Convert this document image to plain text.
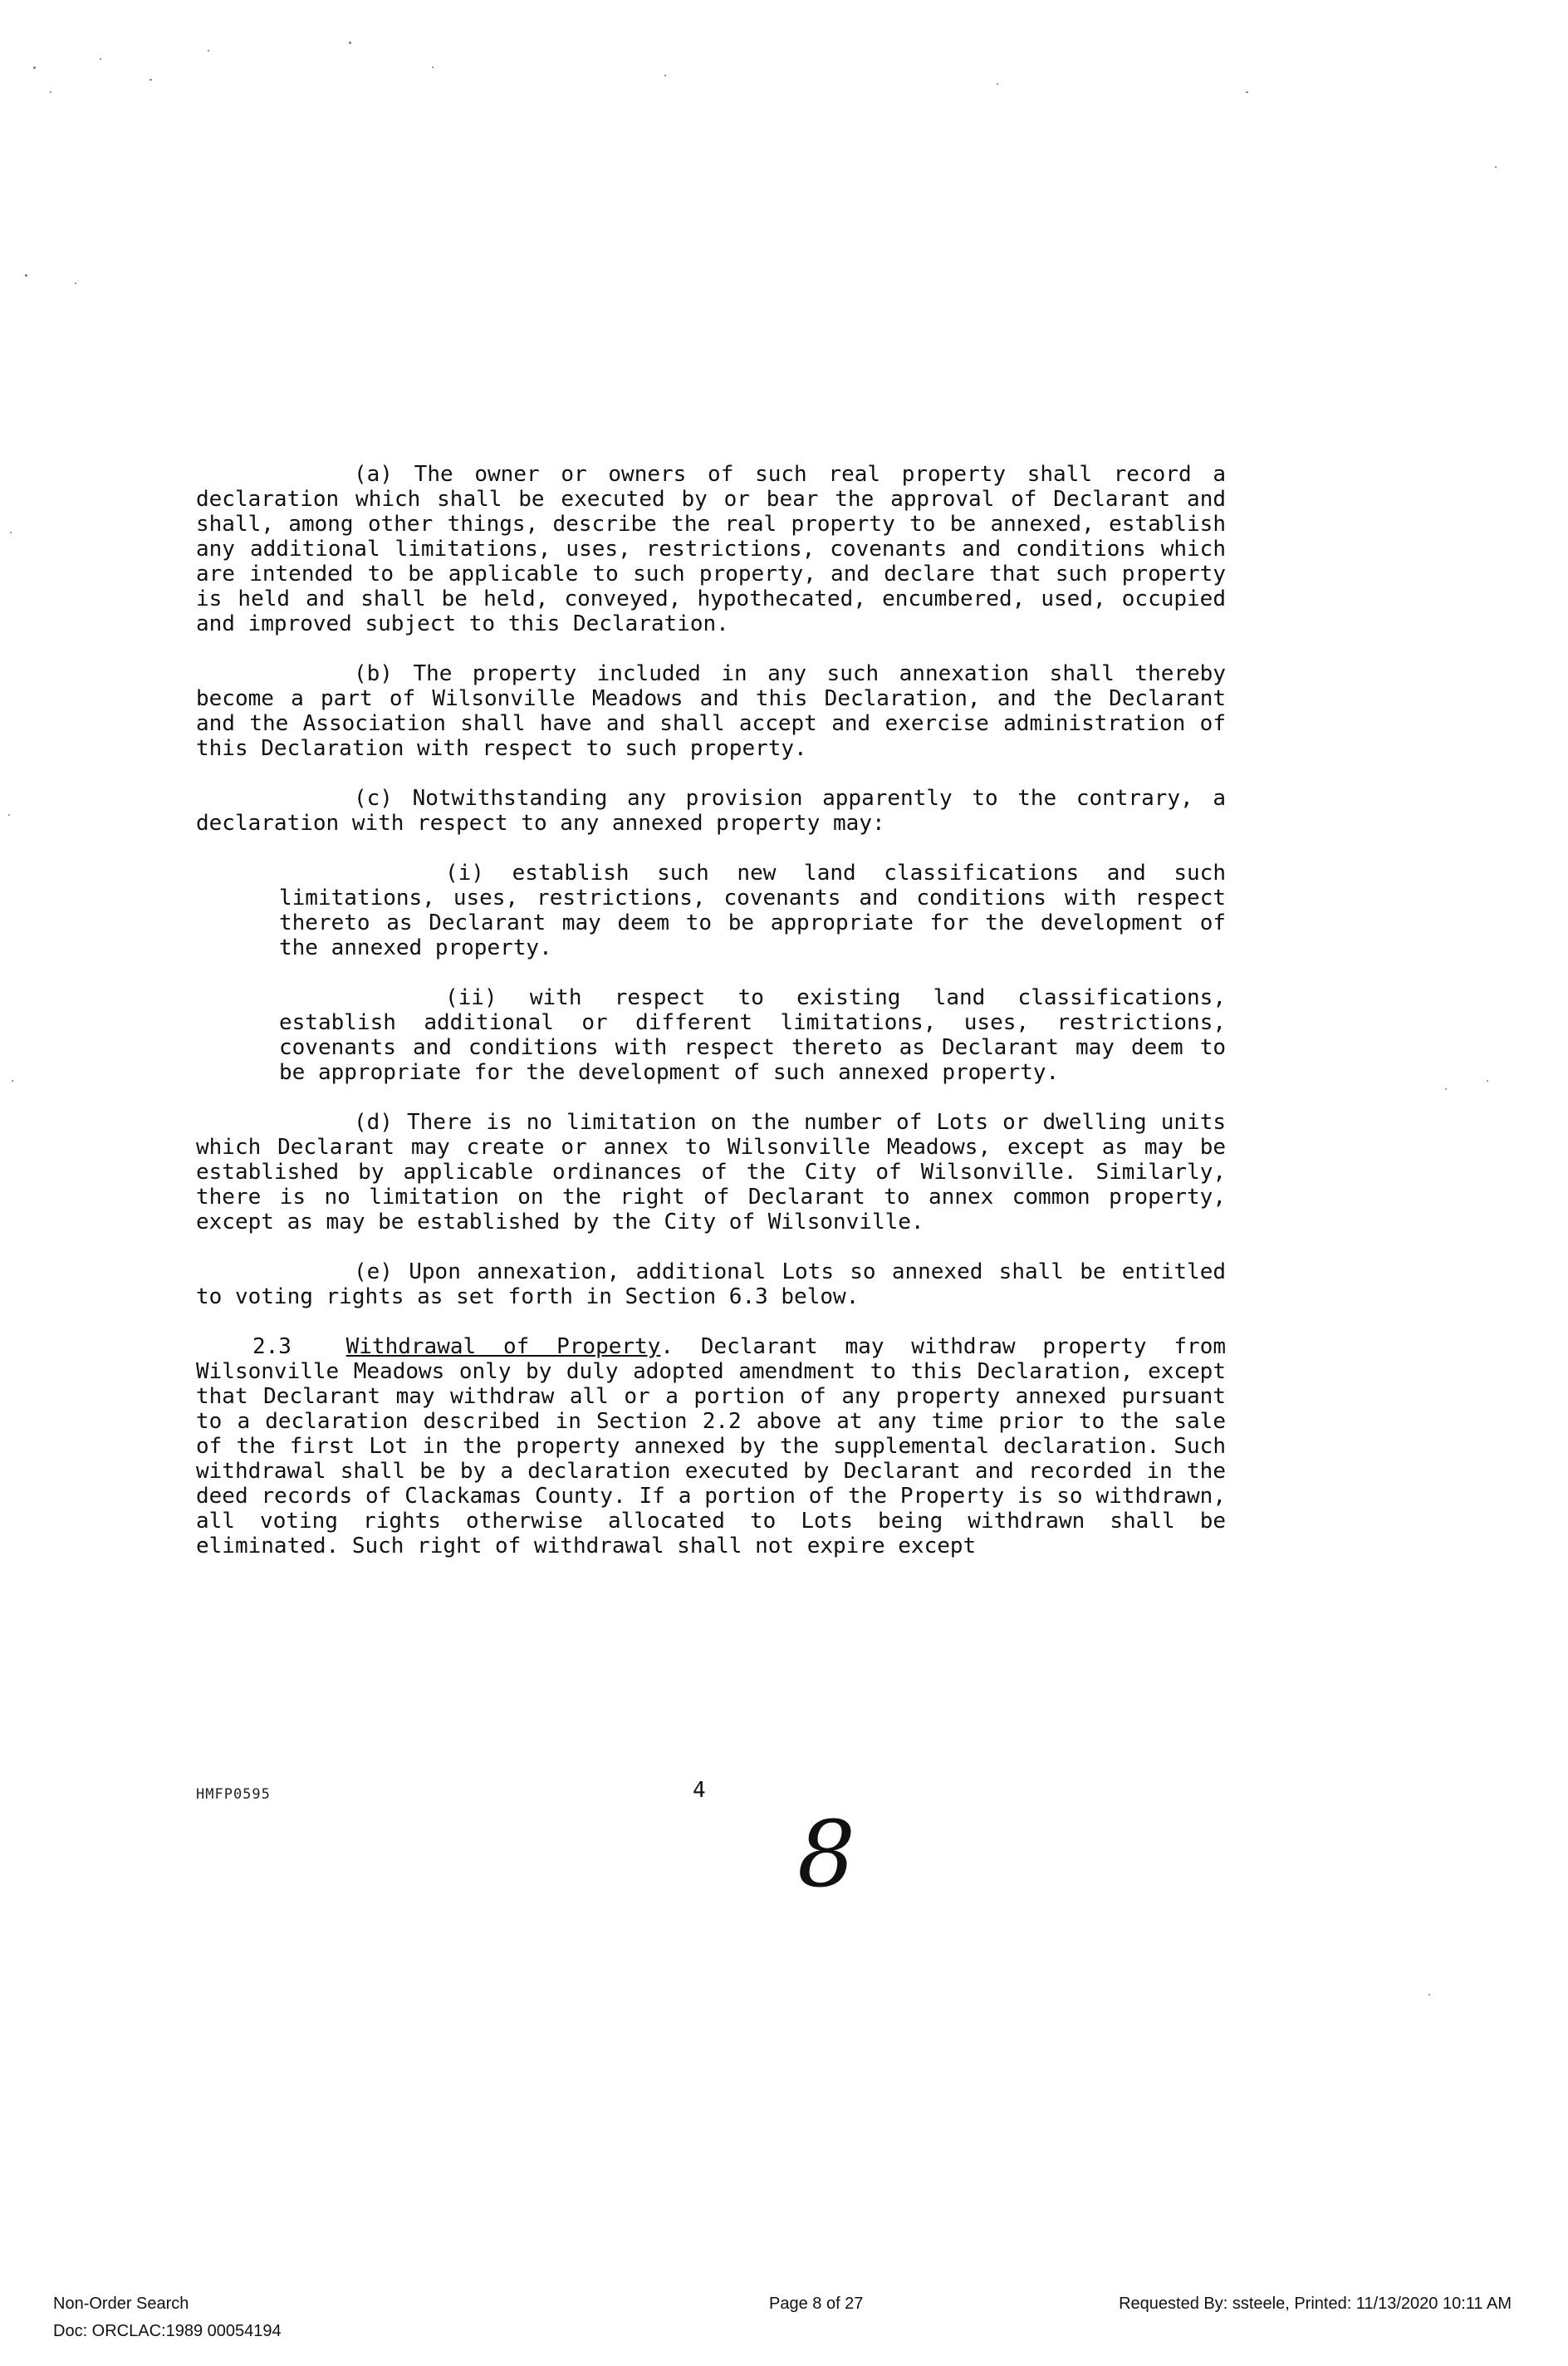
(a) The owner or owners of such real property shall record a declaration which shall be executed by or bear the approval of Declarant and shall, among other things, describe the real property to be annexed, establish any additional limitations, uses, restrictions, covenants and conditions which are intended to be applicable to such property, and declare that such property is held and shall be held, conveyed, hypothecated, encumbered, used, occupied and improved subject to this Declaration.

(b) The property included in any such annexation shall thereby become a part of Wilsonville Meadows and this Declaration, and the Declarant and the Association shall have and shall accept and exercise administration of this Declaration with respect to such property.

(c) Notwithstanding any provision apparently to the contrary, a declaration with respect to any annexed property may:

(i) establish such new land classifications and such limitations, uses, restrictions, covenants and conditions with respect thereto as Declarant may deem to be appropriate for the development of the annexed property.

(ii) with respect to existing land classifications, establish additional or different limitations, uses, restrictions, covenants and conditions with respect thereto as Declarant may deem to be appropriate for the development of such annexed property.

(d) There is no limitation on the number of Lots or dwelling units which Declarant may create or annex to Wilsonville Meadows, except as may be established by applicable ordinances of the City of Wilsonville. Similarly, there is no limitation on the right of Declarant to annex common property, except as may be established by the City of Wilsonville.

(e) Upon annexation, additional Lots so annexed shall be entitled to voting rights as set forth in Section 6.3 below.

2.3	Withdrawal of Property. Declarant may withdraw property from Wilsonville Meadows only by duly adopted amendment to this Declaration, except that Declarant may withdraw all or a portion of any property annexed pursuant to a declaration described in Section 2.2 above at any time prior to the sale of the first Lot in the property annexed by the supplemental declaration. Such withdrawal shall be by a declaration executed by Declarant and recorded in the deed records of Clackamas County. If a portion of the Property is so withdrawn, all voting rights otherwise allocated to Lots being withdrawn shall be eliminated. Such right of withdrawal shall not expire except

HMFP0595	4
8
Non-Order Search	Page 8 of 27	Requested By: ssteele, Printed: 11/13/2020 10:11 AM
Doc: ORCLAC:1989 00054194
